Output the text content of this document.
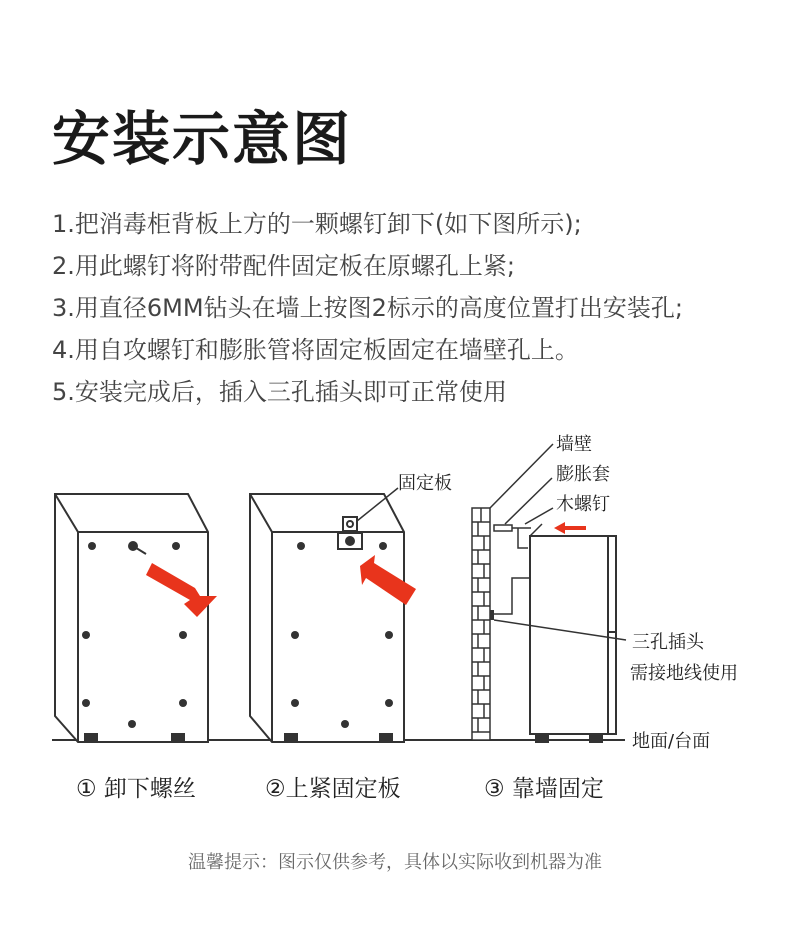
安装示意图
1.把消毒柜背板上方的一颗螺钉卸下(如下图所示);
2.用此螺钉将附带配件固定板在原螺孔上紧;
3.用直径6MM钻头在墙上按图2标示的高度位置打出安装孔;
4.用自攻螺钉和膨胀管将固定板固定在墙壁孔上。
5.安装完成后，插入三孔插头即可正常使用
固定板
墙壁
膨胀套
木螺钉
三孔插头
需接地线使用
地面/台面
① 卸下螺丝	②上紧固定板	③ 靠墙固定
温馨提示：图示仅供参考，具体以实际收到机器为准
